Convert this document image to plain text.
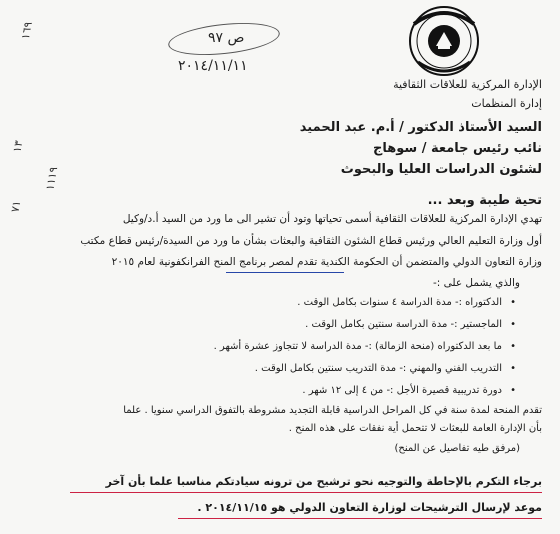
ص ٩٧
٢٠١٤/١١/١١
١٦٩
١٣
١١١٩
٧١
الإدارة المركزية للعلاقات الثقافية
إدارة المنظمات
السيد الأستاذ الدكتور / أ.م. عبد الحميد
نائب رئيس جامعة / سوهاج
لشئون الدراسات العليا والبحوث
تحية طيبة وبعد ...
تهدي الإدارة المركزية للعلاقات الثقافية أسمى تحياتها وتود أن تشير الى ما ورد من السيد أ.د/وكيل
أول وزارة التعليم العالي ورئيس قطاع الشئون الثقافية والبعثات بشأن ما ورد من السيدة/رئيس قطاع مكتب
وزارة التعاون الدولي والمتضمن أن الحكومة الكندية تقدم لمصر برنامج المنح الفرانكفونية لعام ٢٠١٥
والذي يشمل على :-
الدكتوراه :- مدة الدراسة ٤ سنوات بكامل الوقت . •
الماجستير :- مدة الدراسة سنتين بكامل الوقت . •
ما بعد الدكتوراه (منحة الزمالة) :- مدة الدراسة لا تتجاوز عشرة أشهر . •
التدريب الفني والمهني :- مدة التدريب سنتين بكامل الوقت . •
دورة تدريبية قصيرة الأجل :- من ٤ إلى ١٢ شهر . •
تقدم المنحة لمدة سنة في كل المراحل الدراسية قابلة التجديد مشروطة بالتفوق الدراسي سنويا . علما
بأن الإدارة العامة للبعثات لا تتحمل أية نفقات على هذه المنح .
(مرفق طيه تفاصيل عن المنح)
برجاء التكرم بالإحاطة والتوجيه نحو ترشيح من ترونه سيادتكم مناسبا علما بأن آخر
موعد لإرسال الترشيحات لوزارة التعاون الدولي هو ٢٠١٤/١١/١٥ .
